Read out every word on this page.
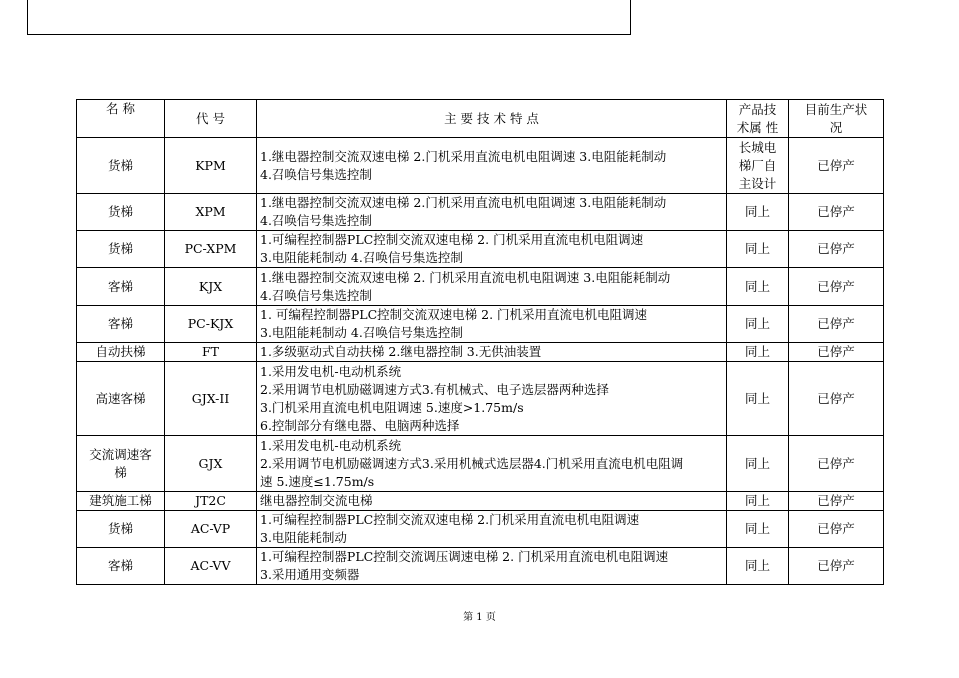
名 称	代 号	主 要 技 术 特 点	产品技
术属 性	目前生产状
况

货梯	KPM	1.继电器控制交流双速电梯 2.门机采用直流电机电阻调速 3.电阻能耗制动
4.召唤信号集选控制	长城电
梯厂自
主设计	已停产

货梯	XPM	1.继电器控制交流双速电梯 2.门机采用直流电机电阻调速 3.电阻能耗制动
4.召唤信号集选控制	同上	已停产

货梯	PC-XPM	1.可编程控制器PLC控制交流双速电梯 2. 门机采用直流电机电阻调速
3.电阻能耗制动 4.召唤信号集选控制	同上	已停产

客梯	KJX	1.继电器控制交流双速电梯 2. 门机采用直流电机电阻调速 3.电阻能耗制动
4.召唤信号集选控制	同上	已停产

客梯	PC-KJX	1. 可编程控制器PLC控制交流双速电梯 2. 门机采用直流电机电阻调速
3.电阻能耗制动 4.召唤信号集选控制	同上	已停产

自动扶梯	FT	1.多级驱动式自动扶梯 2.继电器控制 3.无供油装置	同上	已停产

高速客梯	GJX-II	1.采用发电机-电动机系统
2.采用调节电机励磁调速方式3.有机械式、电子选层器两种选择
3.门机采用直流电机电阻调速 5.速度>1.75m/s
6.控制部分有继电器、电脑两种选择	同上	已停产

交流调速客
梯	GJX	1.采用发电机-电动机系统
2.采用调节电机励磁调速方式3.采用机械式选层器4.门机采用直流电机电阻调
速 5.速度≤1.75m/s	同上	已停产

建筑施工梯	JT2C	继电器控制交流电梯	同上	已停产

货梯	AC-VP	1.可编程控制器PLC控制交流双速电梯 2.门机采用直流电机电阻调速
3.电阻能耗制动	同上	已停产

客梯	AC-VV	1.可编程控制器PLC控制交流调压调速电梯 2. 门机采用直流电机电阻调速
3.采用通用变频器	同上	已停产
第 1 页
